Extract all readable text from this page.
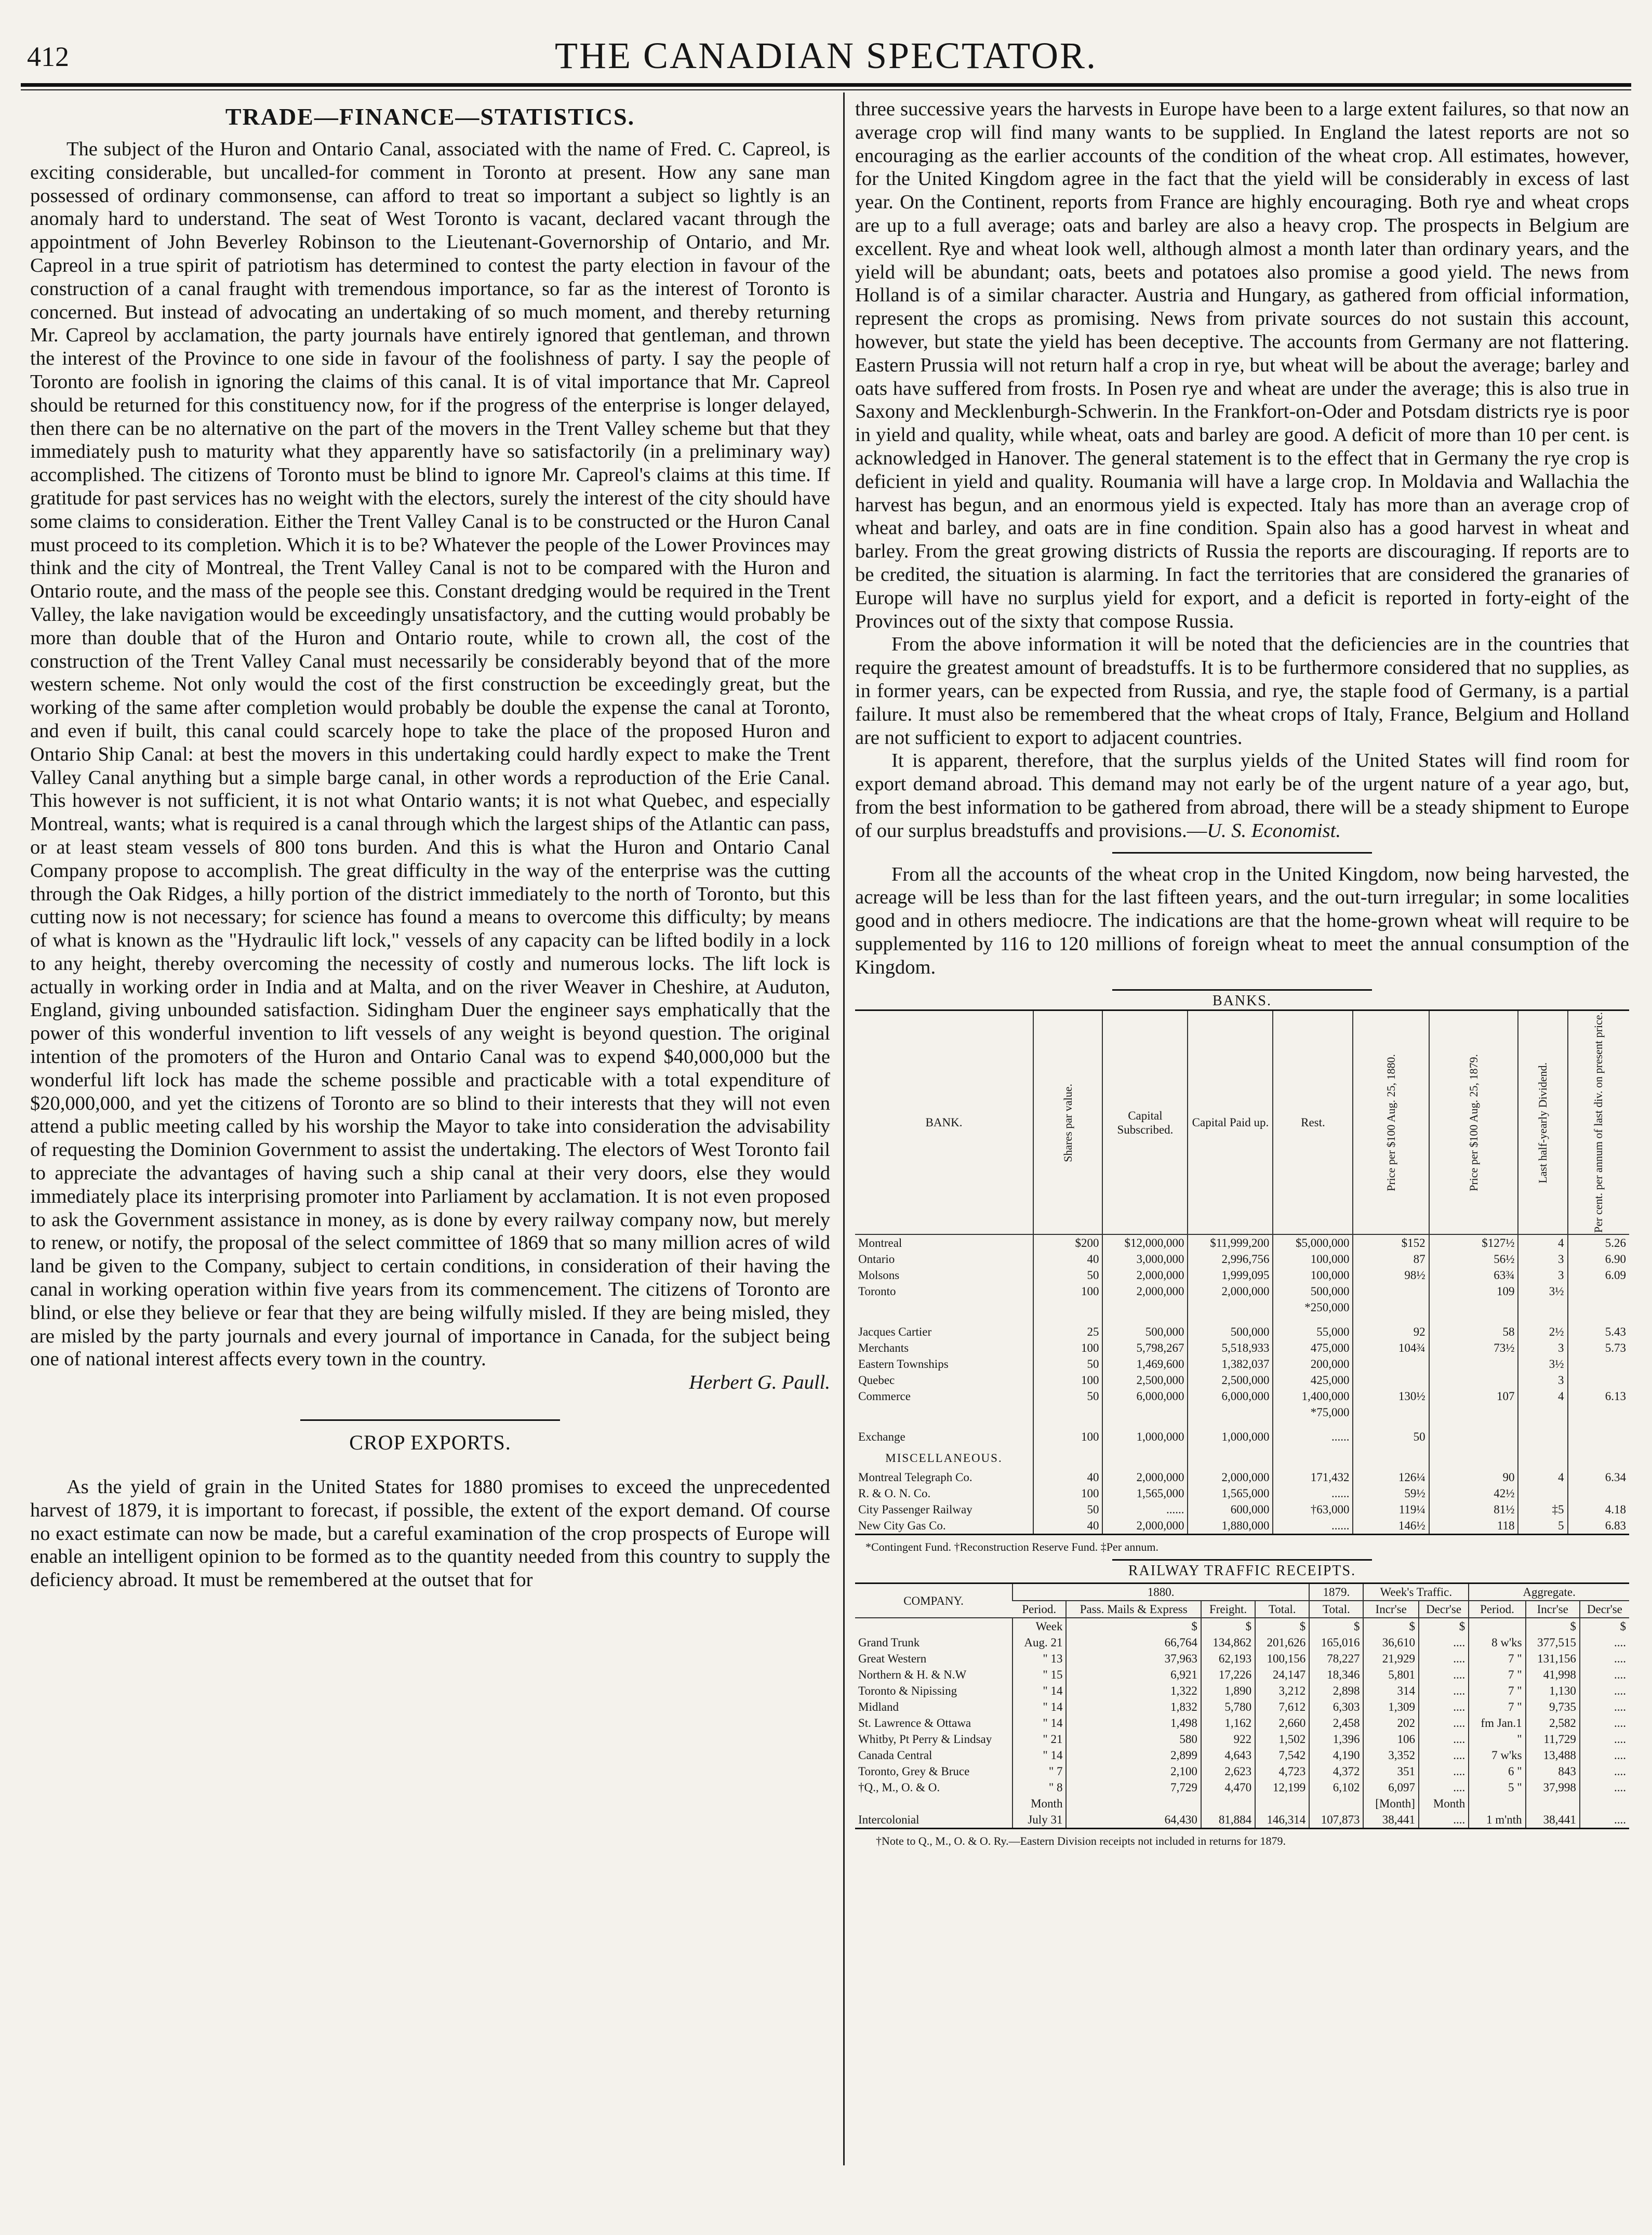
412	THE CANADIAN SPECTATOR.
TRADE—FINANCE—STATISTICS.

The subject of the Huron and Ontario Canal, associated with the name of Fred. C. Capreol, is exciting considerable, but uncalled-for comment in Toronto at present. How any sane man possessed of ordinary commonsense, can afford to treat so important a subject so lightly is an anomaly hard to understand. The seat of West Toronto is vacant, declared vacant through the appointment of John Beverley Robinson to the Lieutenant-Governorship of Ontario, and Mr. Capreol in a true spirit of patriotism has determined to contest the party election in favour of the construction of a canal fraught with tremendous importance, so far as the interest of Toronto is concerned. But instead of advocating an undertaking of so much moment, and thereby returning Mr. Capreol by acclamation, the party journals have entirely ignored that gentleman, and thrown the interest of the Province to one side in favour of the foolishness of party. I say the people of Toronto are foolish in ignoring the claims of this canal. It is of vital importance that Mr. Capreol should be returned for this constituency now, for if the progress of the enterprise is longer delayed, then there can be no alternative on the part of the movers in the Trent Valley scheme but that they immediately push to maturity what they apparently have so satisfactorily (in a preliminary way) accomplished. The citizens of Toronto must be blind to ignore Mr. Capreol's claims at this time. If gratitude for past services has no weight with the electors, surely the interest of the city should have some claims to consideration. Either the Trent Valley Canal is to be constructed or the Huron Canal must proceed to its completion. Which it is to be? Whatever the people of the Lower Provinces may think and the city of Montreal, the Trent Valley Canal is not to be compared with the Huron and Ontario route, and the mass of the people see this. Constant dredging would be required in the Trent Valley, the lake navigation would be exceedingly unsatisfactory, and the cutting would probably be more than double that of the Huron and Ontario route, while to crown all, the cost of the construction of the Trent Valley Canal must necessarily be considerably beyond that of the more western scheme. Not only would the cost of the first construction be exceedingly great, but the working of the same after completion would probably be double the expense the canal at Toronto, and even if built, this canal could scarcely hope to take the place of the proposed Huron and Ontario Ship Canal: at best the movers in this undertaking could hardly expect to make the Trent Valley Canal anything but a simple barge canal, in other words a reproduction of the Erie Canal. This however is not sufficient, it is not what Ontario wants; it is not what Quebec, and especially Montreal, wants; what is required is a canal through which the largest ships of the Atlantic can pass, or at least steam vessels of 800 tons burden. And this is what the Huron and Ontario Canal Company propose to accomplish. The great difficulty in the way of the enterprise was the cutting through the Oak Ridges, a hilly portion of the district immediately to the north of Toronto, but this cutting now is not necessary; for science has found a means to overcome this difficulty; by means of what is known as the "Hydraulic lift lock," vessels of any capacity can be lifted bodily in a lock to any height, thereby overcoming the necessity of costly and numerous locks. The lift lock is actually in working order in India and at Malta, and on the river Weaver in Cheshire, at Auduton, England, giving unbounded satisfaction. Sidingham Duer the engineer says emphatically that the power of this wonderful invention to lift vessels of any weight is beyond question. The original intention of the promoters of the Huron and Ontario Canal was to expend $40,000,000 but the wonderful lift lock has made the scheme possible and practicable with a total expenditure of $20,000,000, and yet the citizens of Toronto are so blind to their interests that they will not even attend a public meeting called by his worship the Mayor to take into consideration the advisability of requesting the Dominion Government to assist the undertaking. The electors of West Toronto fail to appreciate the advantages of having such a ship canal at their very doors, else they would immediately place its interprising promoter into Parliament by acclamation. It is not even proposed to ask the Government assistance in money, as is done by every railway company now, but merely to renew, or notify, the proposal of the select committee of 1869 that so many million acres of wild land be given to the Company, subject to certain conditions, in consideration of their having the canal in working operation within five years from its commencement. The citizens of Toronto are blind, or else they believe or fear that they are being wilfully misled. If they are being misled, they are misled by the party journals and every journal of importance in Canada, for the subject being one of national interest affects every town in the country.

Herbert G. Paull.

CROP EXPORTS.

As the yield of grain in the United States for 1880 promises to exceed the unprecedented harvest of 1879, it is important to forecast, if possible, the extent of the export demand. Of course no exact estimate can now be made, but a careful examination of the crop prospects of Europe will enable an intelligent opinion to be formed as to the quantity needed from this country to supply the deficiency abroad. It must be remembered at the outset that for

three successive years the harvests in Europe have been to a large extent failures, so that now an average crop will find many wants to be supplied. In England the latest reports are not so encouraging as the earlier accounts of the condition of the wheat crop. All estimates, however, for the United Kingdom agree in the fact that the yield will be considerably in excess of last year. On the Continent, reports from France are highly encouraging. Both rye and wheat crops are up to a full average; oats and barley are also a heavy crop. The prospects in Belgium are excellent. Rye and wheat look well, although almost a month later than ordinary years, and the yield will be abundant; oats, beets and potatoes also promise a good yield. The news from Holland is of a similar character. Austria and Hungary, as gathered from official information, represent the crops as promising. News from private sources do not sustain this account, however, but state the yield has been deceptive. The accounts from Germany are not flattering. Eastern Prussia will not return half a crop in rye, but wheat will be about the average; barley and oats have suffered from frosts. In Posen rye and wheat are under the average; this is also true in Saxony and Mecklenburgh-Schwerin. In the Frankfort-on-Oder and Potsdam districts rye is poor in yield and quality, while wheat, oats and barley are good. A deficit of more than 10 per cent. is acknowledged in Hanover. The general statement is to the effect that in Germany the rye crop is deficient in yield and quality. Roumania will have a large crop. In Moldavia and Wallachia the harvest has begun, and an enormous yield is expected. Italy has more than an average crop of wheat and barley, and oats are in fine condition. Spain also has a good harvest in wheat and barley. From the great growing districts of Russia the reports are discouraging. If reports are to be credited, the situation is alarming. In fact the territories that are considered the granaries of Europe will have no surplus yield for export, and a deficit is reported in forty-eight of the Provinces out of the sixty that compose Russia.

From the above information it will be noted that the deficiencies are in the countries that require the greatest amount of breadstuffs. It is to be furthermore considered that no supplies, as in former years, can be expected from Russia, and rye, the staple food of Germany, is a partial failure. It must also be remembered that the wheat crops of Italy, France, Belgium and Holland are not sufficient to export to adjacent countries.

It is apparent, therefore, that the surplus yields of the United States will find room for export demand abroad. This demand may not early be of the urgent nature of a year ago, but, from the best information to be gathered from abroad, there will be a steady shipment to Europe of our surplus breadstuffs and provisions.—U. S. Economist.

From all the accounts of the wheat crop in the United Kingdom, now being harvested, the acreage will be less than for the last fifteen years, and the out-turn irregular; in some localities good and in others mediocre. The indications are that the home-grown wheat will require to be supplemented by 116 to 120 millions of foreign wheat to meet the annual consumption of the Kingdom.

BANKS.
BANK.	Shares par value.	Capital Subscribed.	Capital Paid up.	Rest.	Price per $100 Aug. 25, 1880.	Price per $100 Aug. 25, 1879.	Last half-yearly Dividend.	Per cent. per annum of last div. on present price.

Montreal	$200	$12,000,000	$11,999,200	$5,000,000	$152	$127½	4	5.26
Ontario	40	3,000,000	2,996,756	100,000	87	56½	3	6.90
Molsons	50	2,000,000	1,999,095	100,000	98½	63¾	3	6.09
Toronto	100	2,000,000	2,000,000	500,000		109	3½	
				*250,000				
Jacques Cartier	25	500,000	500,000	55,000	92	58	2½	5.43
Merchants	100	5,798,267	5,518,933	475,000	104¾	73½	3	5.73
Eastern Townships	50	1,469,600	1,382,037	200,000			3½	
Quebec	100	2,500,000	2,500,000	425,000			3	
Commerce	50	6,000,000	6,000,000	1,400,000	130½	107	4	6.13
				*75,000				
Exchange	100	1,000,000	1,000,000	......	50			
MISCELLANEOUS.								
Montreal Telegraph Co.	40	2,000,000	2,000,000	171,432	126¼	90	4	6.34
R. & O. N. Co.	100	1,565,000	1,565,000	......	59½	42½		
City Passenger Railway	50	......	600,000	†63,000	119¼	81½	‡5	4.18
New City Gas Co.	40	2,000,000	1,880,000	......	146½	118	5	6.83
*Contingent Fund. †Reconstruction Reserve Fund. ‡Per annum.
RAILWAY TRAFFIC RECEIPTS.
COMPANY.	1880.				1879.	Week's Traffic.		Aggregate.		
	Period.	Pass. Mails & Express	Freight.	Total.	Total.	Incr'se	Decr'se	Period.	Incr'se	Decr'se
	Week	$	$	$	$	$	$		$	$
Grand Trunk	Aug. 21	66,764	134,862	201,626	165,016	36,610	....	8 w'ks	377,515	....
Great Western	" 13	37,963	62,193	100,156	78,227	21,929	....	7 "	131,156	....
Northern & H. & N.W	" 15	6,921	17,226	24,147	18,346	5,801	....	7 "	41,998	....
Toronto & Nipissing	" 14	1,322	1,890	3,212	2,898	314	....	7 "	1,130	....
Midland	" 14	1,832	5,780	7,612	6,303	1,309	....	7 "	9,735	....
St. Lawrence & Ottawa	" 14	1,498	1,162	2,660	2,458	202	....	fm Jan.1	2,582	....
Whitby, Pt Perry & Lindsay	" 21	580	922	1,502	1,396	106	....	"	11,729	....
Canada Central	" 14	2,899	4,643	7,542	4,190	3,352	....	7 w'ks	13,488	....
Toronto, Grey & Bruce	" 7	2,100	2,623	4,723	4,372	351	....	6 "	843	....
†Q., M., O. & O.	" 8	7,729	4,470	12,199	6,102	6,097	....	5 "	37,998	....
	Month					[Month]	Month			
Intercolonial	July 31	64,430	81,884	146,314	107,873	38,441	....	1 m'nth	38,441	....
†Note to Q., M., O. & O. Ry.—Eastern Division receipts not included in returns for 1879.
